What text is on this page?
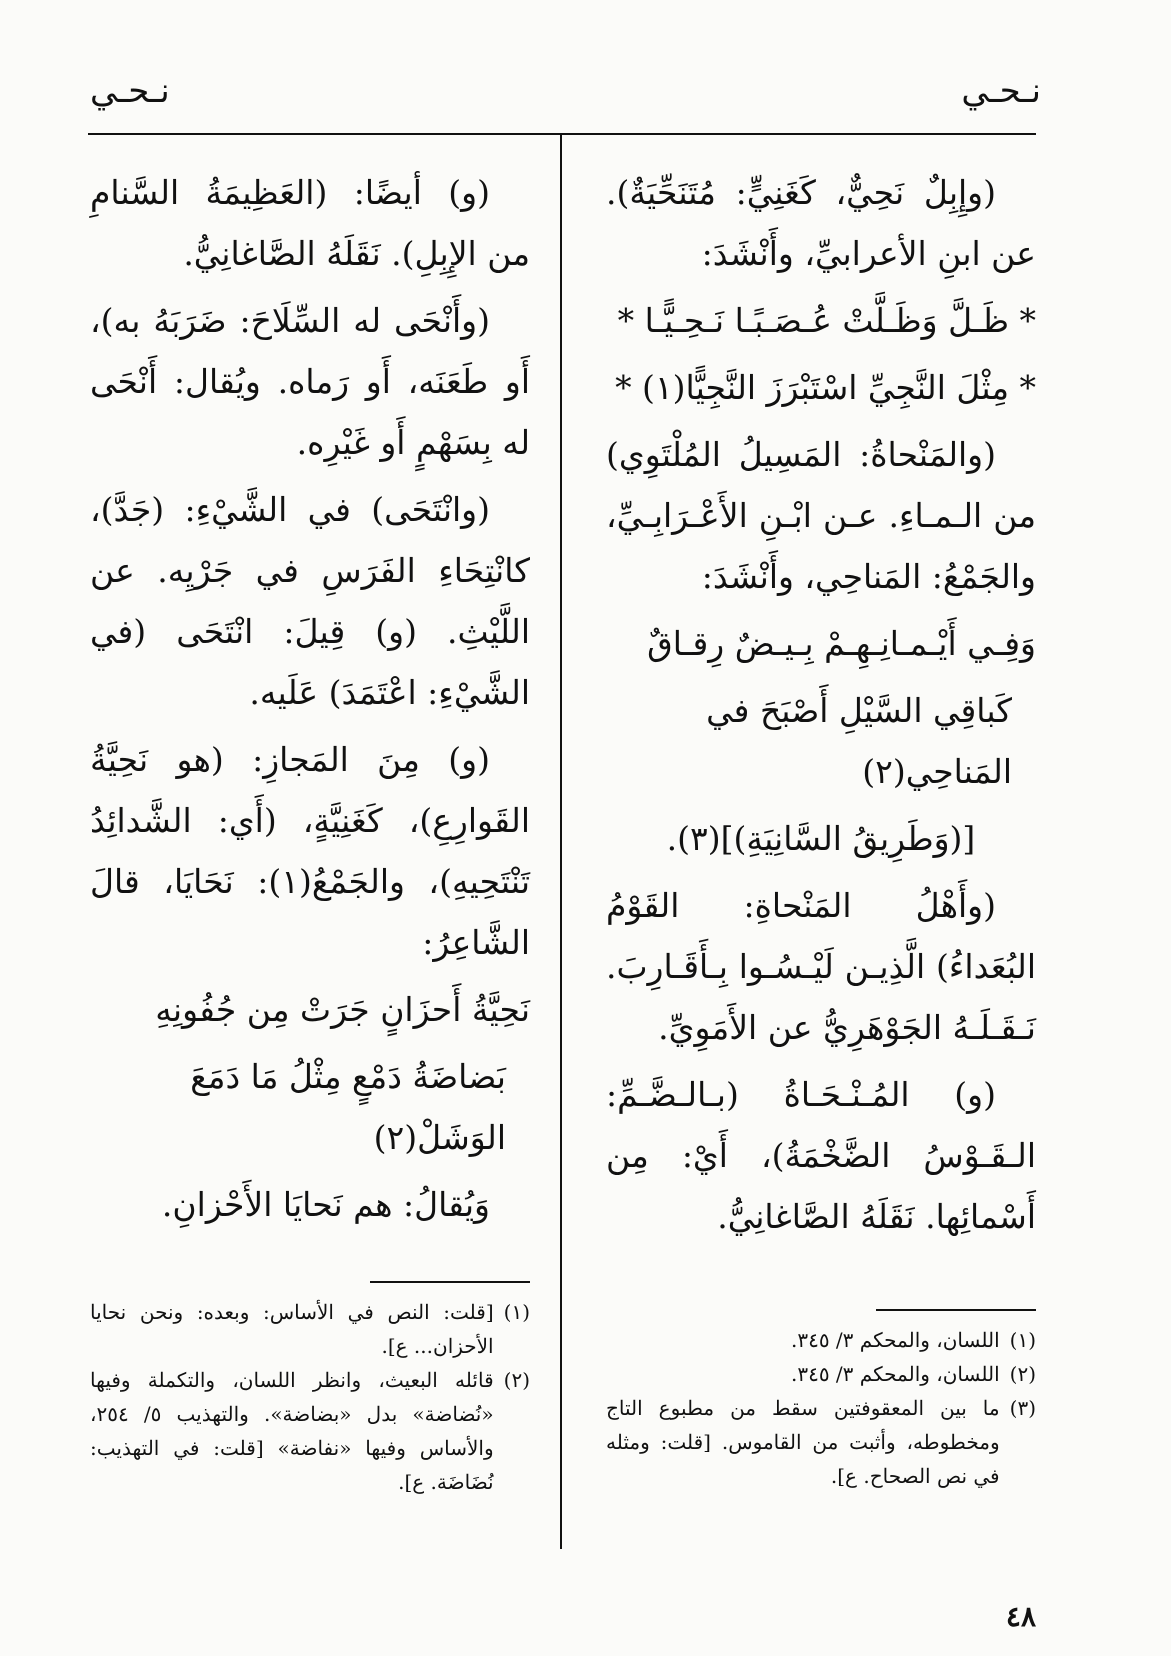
نـحـي
نـحـي

(وإِبِلٌ نَحِيٌّ، كَغَنِيٍّ: مُتَنَحِّيَةٌ). عن ابنِ الأعرابيِّ، وأَنْشَدَ:

* ظَـلَّ وَظَـلَّتْ عُـصَـبًـا نَـحِـيًّـا *

* مِثْلَ النَّجِيِّ اسْتَبْرَزَ النَّجِيًّا(١) *

(والمَنْحاةُ: المَسِيلُ المُلْتَوِي) من الـمـاءِ. عـن ابْـنِ الأَعْـرَابِـيِّ، والجَمْعُ: المَناحِي، وأَنْشَدَ:

وَفِـي أَيْـمـانِـهِـمْ بِـيـضٌ رِقـاقٌ

كَباقِي السَّيْلِ أَصْبَحَ في المَناحِي(٢)

[(وَطَرِيقُ السَّانِيَةِ)](٣).

(وأَهْلُ المَنْحاةِ: القَوْمُ البُعَداءُ) الَّذِيـن لَيْـسُـوا بِـأَقَـارِبَ. نَـقَـلَـهُ الجَوْهَرِيُّ عن الأَمَوِيِّ.

(و) المُـنْـحَـاةُ (بـالـضَّـمِّ: الـقَـوْسُ الضَّخْمَةُ)، أَيْ: مِن أَسْمائِها. نَقَلَهُ الصَّاغانِيُّ.

(١)
اللسان، والمحكم ٣/ ٣٤٥.
(٢)
اللسان، والمحكم ٣/ ٣٤٥.
(٣)
ما بين المعقوفتين سقط من مطبوع التاج ومخطوطه، وأثبت من القاموس. [قلت: ومثله في نص الصحاح. ع].

(و) أيضًا: (العَظِيمَةُ السَّنامِ من الإِبِلِ). نَقَلَهُ الصَّاغانِيُّ.

(وأَنْحَى له السِّلَاحَ: ضَرَبَهُ به)، أَو طَعَنَه، أَو رَماه. ويُقال: أَنْحَى له بِسَهْمٍ أَو غَيْرِه.

(وانْتَحَى) في الشَّيْءِ: (جَدَّ)، كانْتِحَاءِ الفَرَسِ في جَرْيِه. عن اللَّيْثِ. (و) قِيلَ: انْتَحَى (في الشَّيْءِ: اعْتَمَدَ) عَلَيه.

(و) مِنَ المَجازِ: (هو نَحِيَّةُ القَوارِعِ)، كَغَنِيَّةٍ، (أَي: الشَّدائِدُ تَنْتَحِيهِ)، والجَمْعُ(١): نَحَايَا، قالَ الشَّاعِرُ:

نَحِيَّةُ أَحزَانٍ جَرَتْ مِن جُفُونِهِ

بَضاضَةُ دَمْعٍ مِثْلُ مَا دَمَعَ الوَشَلْ(٢)

وَيُقالُ: هم نَحايَا الأَحْزانِ.

(١)
[قلت: النص في الأساس: وبعده: ونحن نحايا الأحزان... ع].
(٢)
قائله البعيث، وانظر اللسان، والتكملة وفيها «نُضاضة» بدل «بضاضة». والتهذيب ٥/ ٢٥٤، والأساس وفيها «نفاضة» [قلت: في التهذيب: نُضَاضَة. ع].
٤٨
